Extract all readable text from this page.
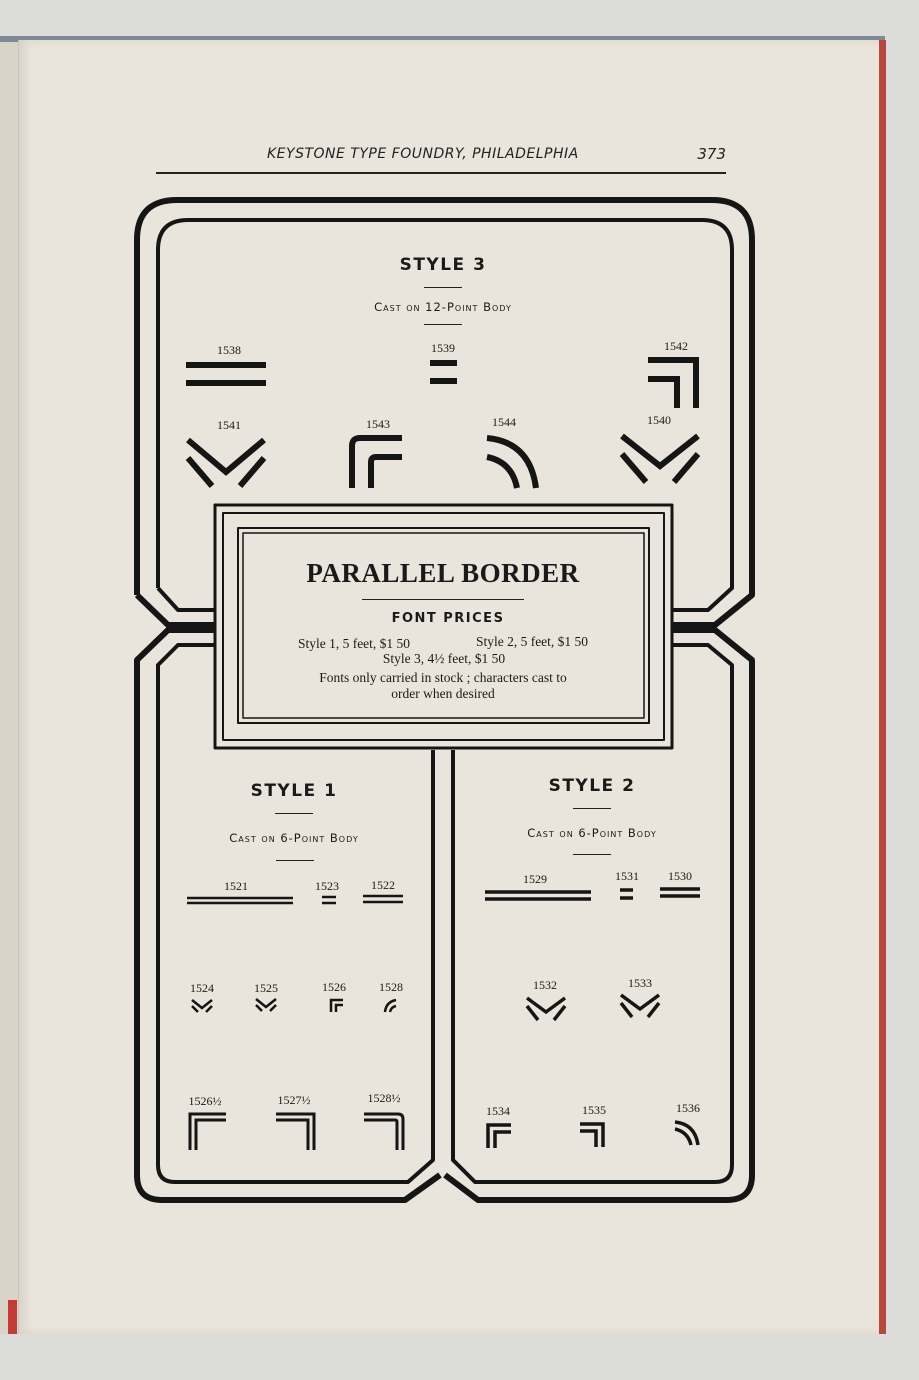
KEYSTONE TYPE FOUNDRY, PHILADELPHIA	373
STYLE 3
Cast on 12-Point Body
1538	1539	1542
1541	1543	1544	1540
PARALLEL BORDER
FONT PRICES
Style 1, 5 feet, $1 50	Style 2, 5 feet, $1 50
Style 3, 4½ feet, $1 50
Fonts only carried in stock ; characters cast to
order when desired
STYLE 1
Cast on 6-Point Body
1521	1523	1522
1524	1525	1526	1528
1526½	1527½	1528½
STYLE 2
Cast on 6-Point Body
1529	1531 1530
1532	1533
1534	1535	1536
